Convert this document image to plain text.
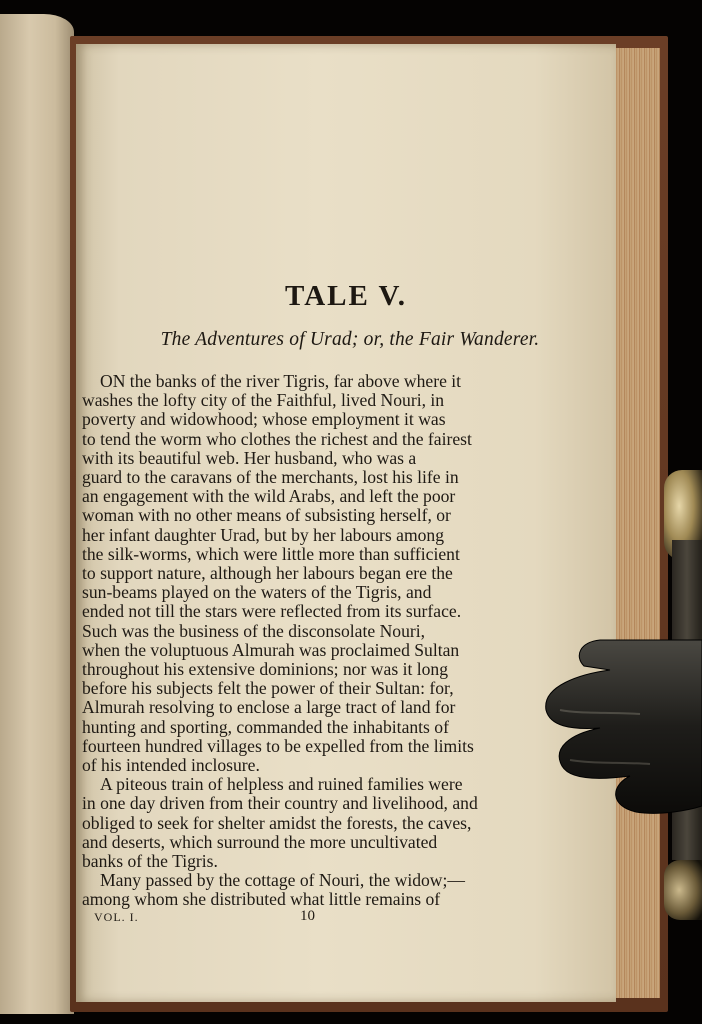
TALE V.

The Adventures of Urad; or, the Fair Wanderer.

ON the banks of the river Tigris, far above where it
washes the lofty city of the Faithful, lived Nouri, in
poverty and widowhood; whose employment it was
to tend the worm who clothes the richest and the fairest
with its beautiful web. Her husband, who was a
guard to the caravans of the merchants, lost his life in
an engagement with the wild Arabs, and left the poor
woman with no other means of subsisting herself, or
her infant daughter Urad, but by her labours among
the silk-worms, which were little more than sufficient
to support nature, although her labours began ere the
sun-beams played on the waters of the Tigris, and
ended not till the stars were reflected from its surface.
Such was the business of the disconsolate Nouri,
when the voluptuous Almurah was proclaimed Sultan
throughout his extensive dominions; nor was it long
before his subjects felt the power of their Sultan: for,
Almurah resolving to enclose a large tract of land for
hunting and sporting, commanded the inhabitants of
fourteen hundred villages to be expelled from the limits
of his intended inclosure.
A piteous train of helpless and ruined families were
in one day driven from their country and livelihood, and
obliged to seek for shelter amidst the forests, the caves,
and deserts, which surround the more uncultivated
banks of the Tigris.
Many passed by the cottage of Nouri, the widow;—
among whom she distributed what little remains of
VOL. I.	10
